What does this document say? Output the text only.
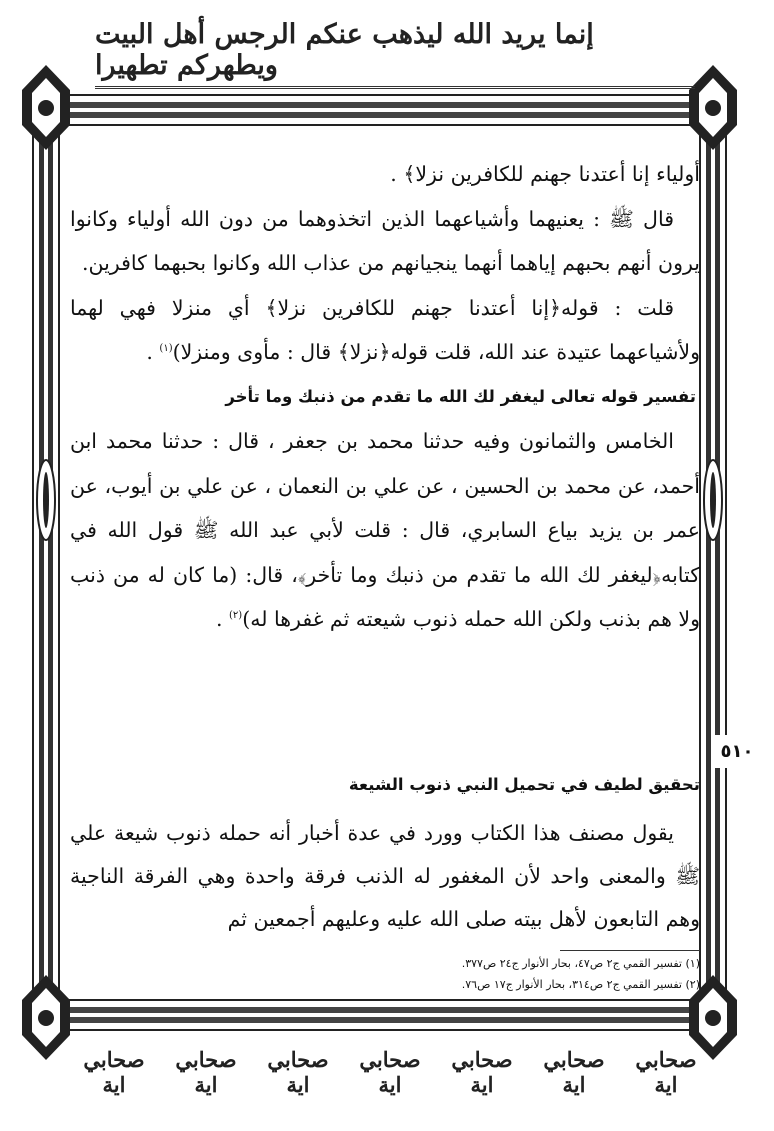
إنما يريد الله ليذهب عنكم الرجس أهل البيت ويطهركم تطهيرا

أولياء إنا أعتدنا جهنم للكافرين نزلا﴾ .

قال ﷺ : يعنيهما وأشياعهما الذين اتخذوهما من دون الله أولياء وكانوا يرون أنهم بحبهم إياهما أنهما ينجيانهم من عذاب الله وكانوا بحبهما كافرين.

قلت : قوله﴿إنا أعتدنا جهنم للكافرين نزلا﴾ أي منزلا فهي لهما ولأشياعهما عتيدة عند الله، قلت قوله﴿نزلا﴾ قال : مأوى ومنزلا)$^{(١)}$ .

تفسير قوله تعالى ليغفر لك الله ما تقدم من ذنبك وما تأخر

الخامس والثمانون وفيه حدثنا محمد بن جعفر ، قال : حدثنا محمد ابن أحمد، عن محمد بن الحسين ، عن علي بن النعمان ، عن علي بن أيوب، عن عمر بن يزيد بياع السابري، قال : قلت لأبي عبد الله ﷺ قول الله في كتابه﴿ليغفر لك الله ما تقدم من ذنبك وما تأخر﴾، قال: (ما كان له من ذنب ولا هم بذنب ولكن الله حمله ذنوب شيعته ثم غفرها له)$^{(٢)}$ .

٥١٠
تحقيق لطيف في تحميل النبي ذنوب الشيعة

يقول مصنف هذا الكتاب وورد في عدة أخبار أنه حمله ذنوب شيعة علي ﷺ والمعنى واحد لأن المغفور له الذنب فرقة واحدة وهي الفرقة الناجية وهم التابعون لأهل بيته صلى الله عليه وعليهم أجمعين ثم

(١) تفسير القمي ج٢ ص٤٧، بحار الأنوار ج٢٤ ص٣٧٧.
(٢) تفسير القمي ج٢ ص٣١٤، بحار الأنوار ج١٧ ص٧٦.
صحابي اية
صحابي اية
صحابي اية
صحابي اية
صحابي اية
صحابي اية
صحابي اية
